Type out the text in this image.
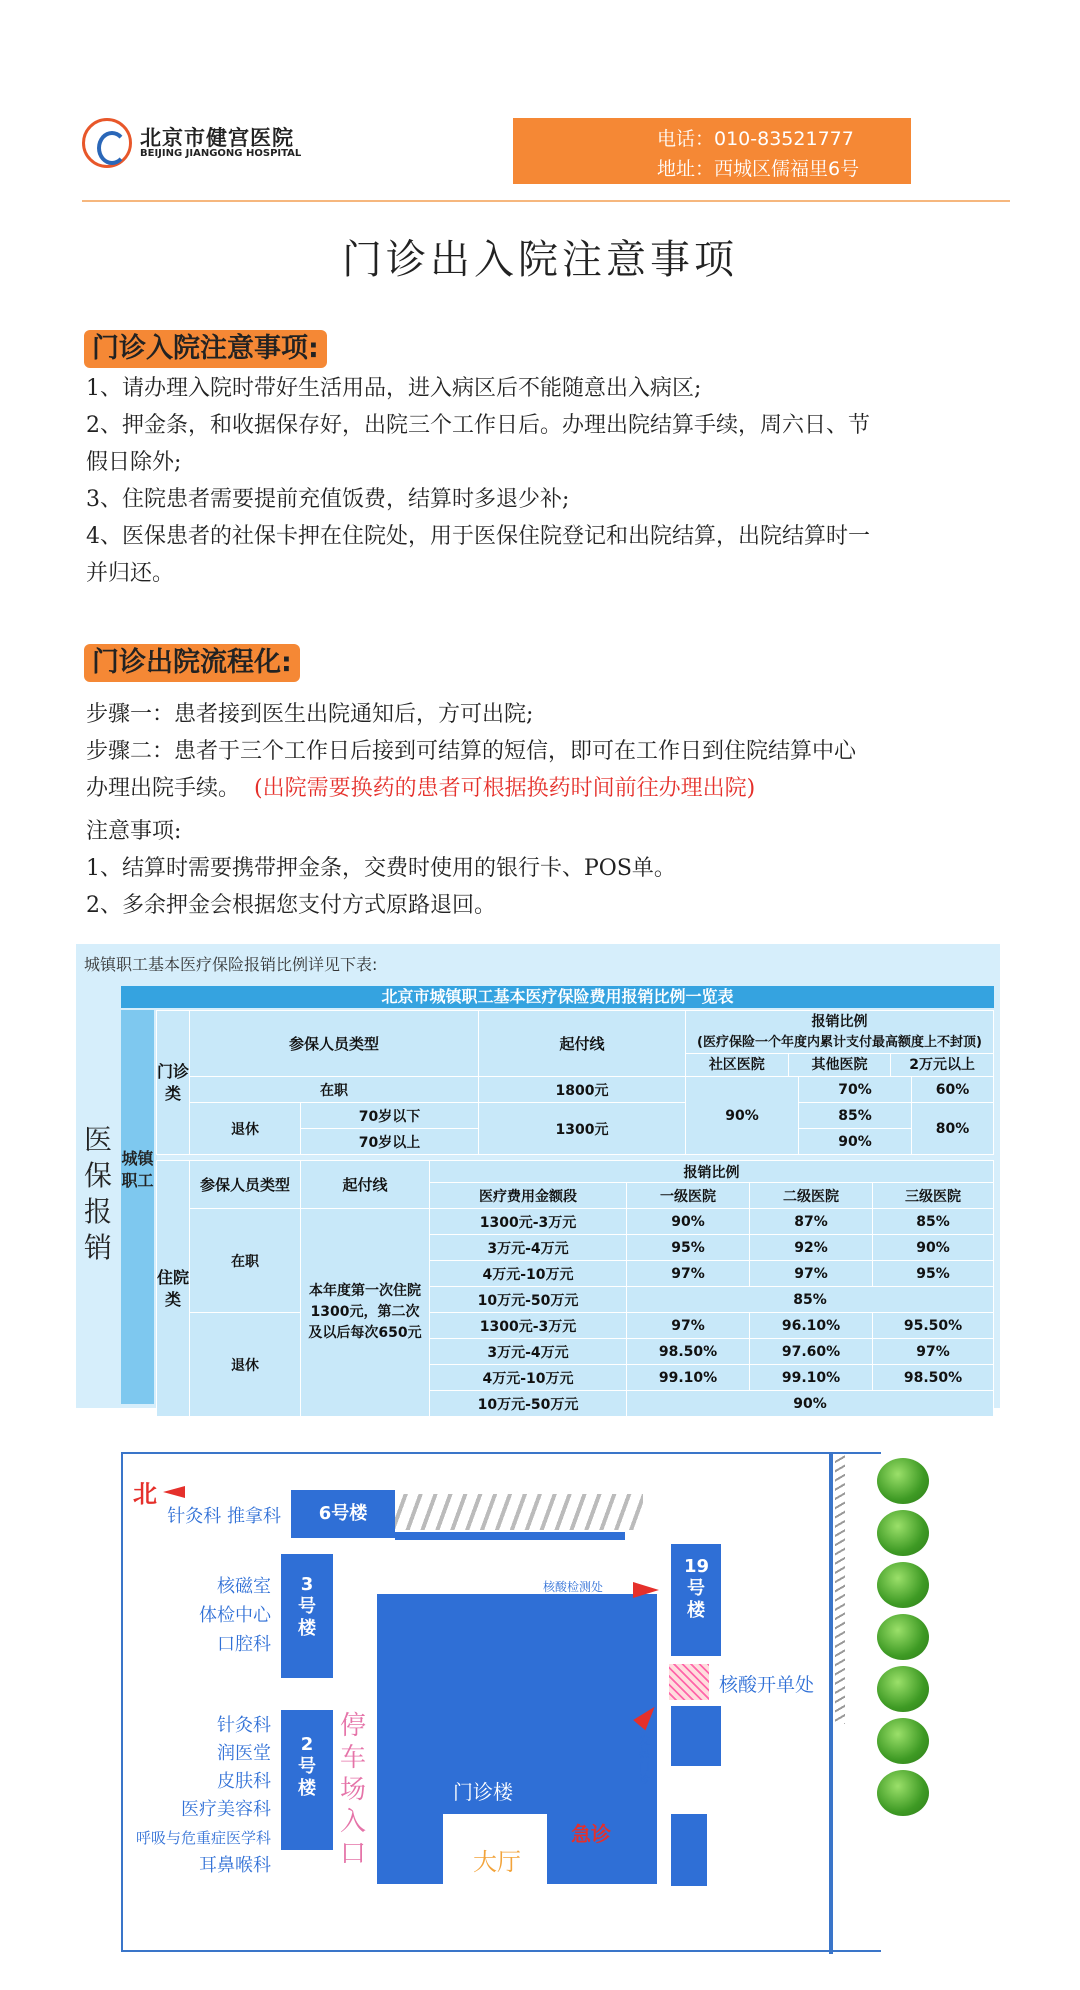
北京市健宫医院
BEIJING JIANGONG HOSPITAL
电话：010-83521777
地址：西城区儒福里6号
门诊出入院注意事项
门诊入院注意事项:
1、请办理入院时带好生活用品，进入病区后不能随意出入病区;
2、押金条，和收据保存好，出院三个工作日后。办理出院结算手续，周六日、节
假日除外;
3、住院患者需要提前充值饭费，结算时多退少补;
4、医保患者的社保卡押在住院处，用于医保住院登记和出院结算，出院结算时一
并归还。
门诊出院流程化:
步骤一：患者接到医生出院通知后，方可出院;
步骤二：患者于三个工作日后接到可结算的短信，即可在工作日到住院结算中心
办理出院手续。 (出院需要换药的患者可根据换药时间前往办理出院)
注意事项:
1、结算时需要携带押金条，交费时使用的银行卡、POS单。
2、多余押金会根据您支付方式原路退回。
城镇职工基本医疗保险报销比例详见下表:
北京市城镇职工基本医疗保险费用报销比例一览表
医保报销
城镇职工
门诊类	参保人员类型		起付线	报销比例
(医疗保险一个年度内累计支付最高额度上不封顶)
社区医院 其他医院 2万元以上		

	在职		1800元	90%	70%	60%
	退休	70岁以下	1300元		85%	80%

		70岁以上			90%	
住院类	参保人员类型	起付线	报销比例			
			医疗费用金额段	一级医院	二级医院	三级医院
	在职	本年度第一次住院1300元，第二次及以后每次650元	1300元-3万元	90%	87%	85%
			3万元-4万元	95%	92%	90%
			4万元-10万元	97%	97%	95%
			10万元-50万元	85%		
	退休		1300元-3万元	97%	96.10%	95.50%
			3万元-4万元	98.50%	97.60%	97%
			4万元-10万元	99.10%	99.10%	98.50%
			10万元-50万元	90%		
北
6号楼
针灸科 推拿科
3号楼
核磁室
体检中心
口腔科
2号楼
针灸科
润医堂
皮肤科
医疗美容科
呼吸与危重症医学科
耳鼻喉科
停车场入口
门诊楼
大厅
急诊
19号楼
核酸检测处
核酸开单处
发热门诊
